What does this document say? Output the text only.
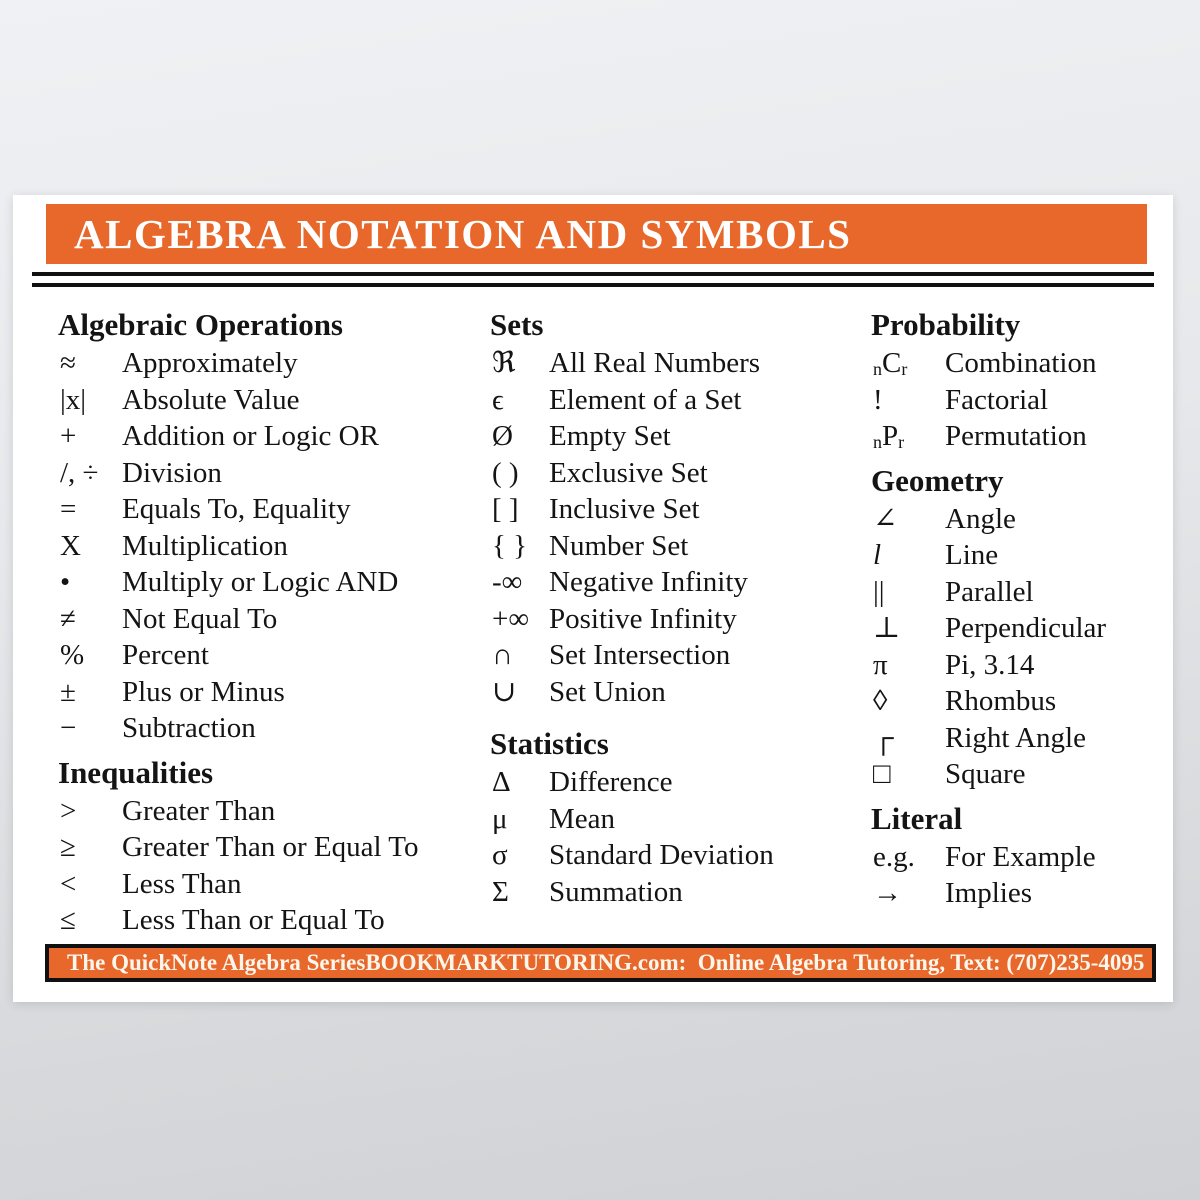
ALGEBRA NOTATION AND SYMBOLS
Algebraic Operations
≈	Approximately
|x|	Absolute Value
+	Addition or Logic OR
/, ÷ Division
=	Equals To, Equality
X	Multiplication
•	Multiply or Logic AND
≠	Not Equal To
%	Percent
±	Plus or Minus
−	Subtraction
Inequalities
>	Greater Than
≥	Greater Than or Equal To
<	Less Than
≤	Less Than or Equal To
Sets
ℜ	All Real Numbers
ϵ	Element of a Set
Ø	Empty Set
( )	Exclusive Set
[ ]	Inclusive Set
{ } Number Set
-∞ Negative Infinity
+∞ Positive Infinity
∩	Set Intersection
∪	Set Union
Statistics
Δ	Difference
μ	Mean
σ	Standard Deviation
Σ	Summation
Probability
$_nC_r$	Combination
!	Factorial
$_nP_r$	Permutation
Geometry
∠	Angle
l	Line
||	Parallel
⊥	Perpendicular
π	Pi, 3.14
◊	Rhombus
┌	Right Angle
□	Square
Literal
e.g.	For Example
→	Implies
The QuickNote Algebra Series BOOKMARKTUTORING.com:  Online Algebra Tutoring, Text: (707)235-4095
